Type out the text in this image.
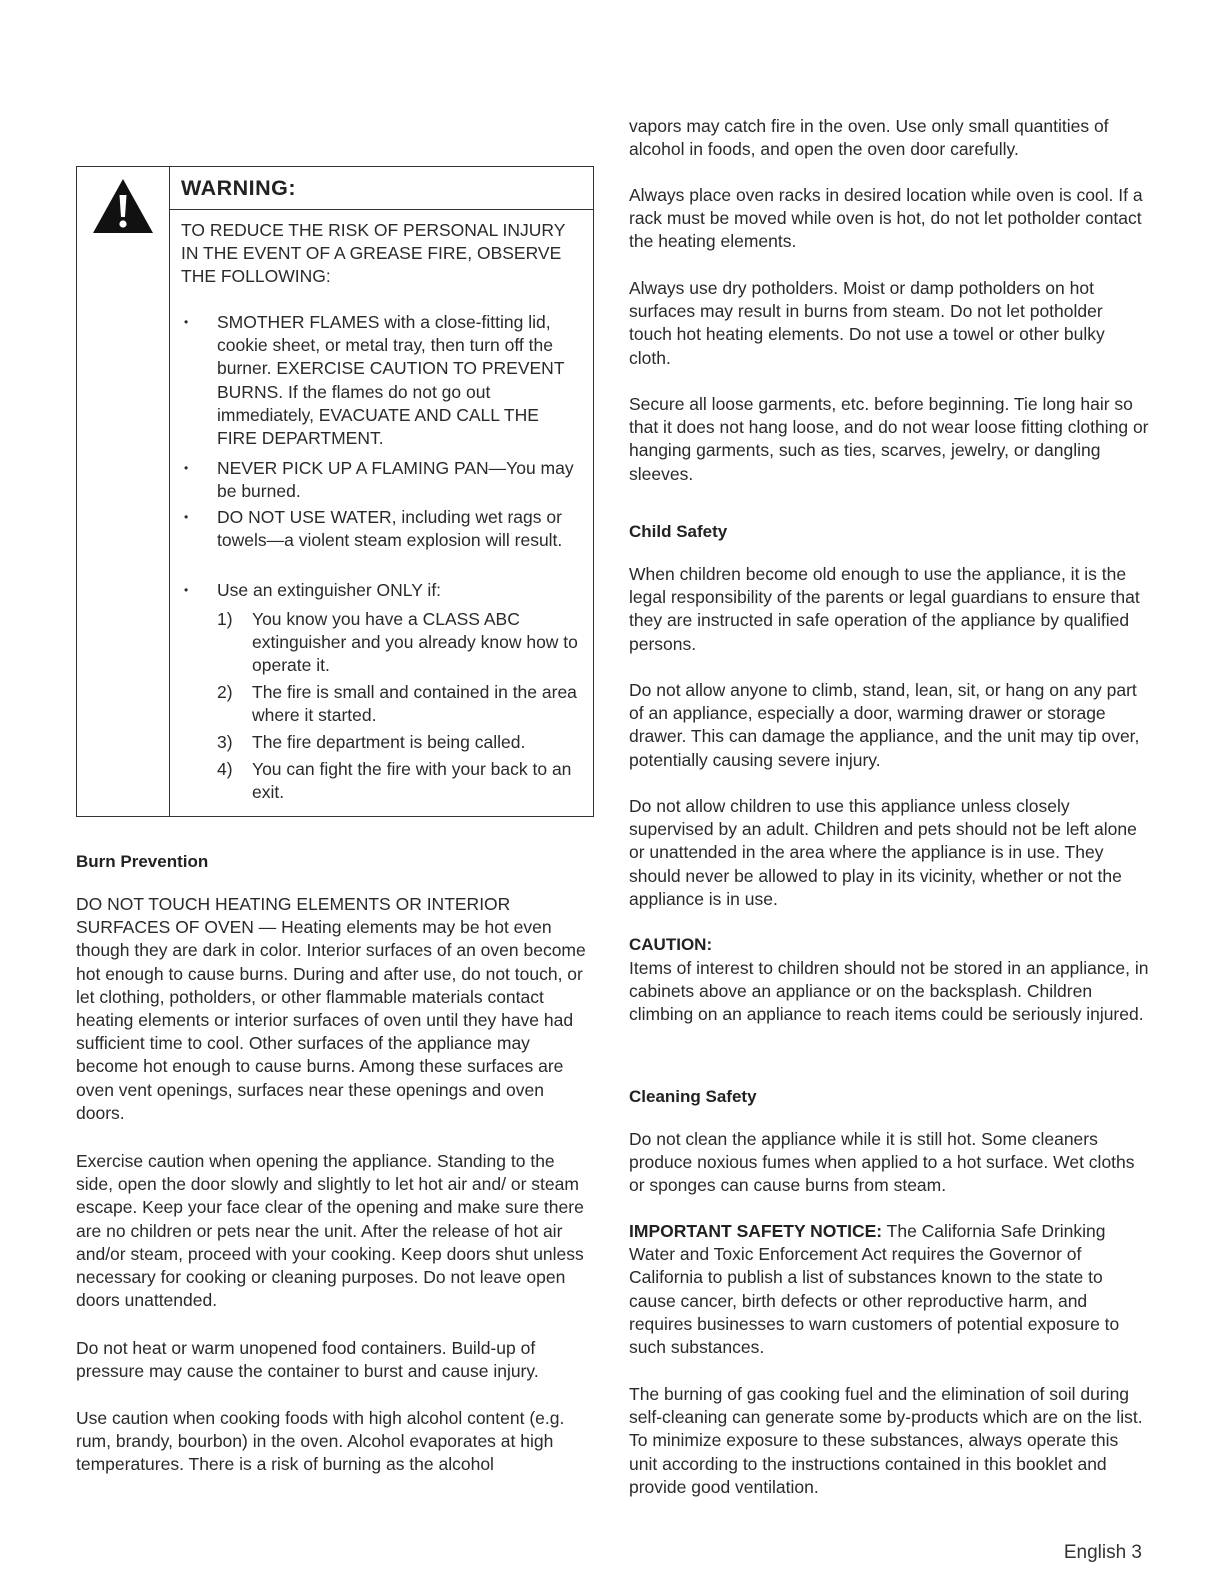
WARNING:
TO REDUCE THE RISK OF PERSONAL INJURY IN THE EVENT OF A GREASE FIRE, OBSERVE THE FOLLOWING:
• SMOTHER FLAMES with a close-fitting lid, cookie sheet, or metal tray, then turn off the burner. EXERCISE CAUTION TO PREVENT BURNS. If the flames do not go out immediately, EVACUATE AND CALL THE FIRE DEPARTMENT.
• NEVER PICK UP A FLAMING PAN—You may be burned.
• DO NOT USE WATER, including wet rags or towels—a violent steam explosion will result.
• Use an extinguisher ONLY if:
1) You know you have a CLASS ABC extinguisher and you already know how to operate it.
2) The fire is small and contained in the area where it started.
3) The fire department is being called.
4) You can fight the fire with your back to an exit.
Burn Prevention

DO NOT TOUCH HEATING ELEMENTS OR INTERIOR SURFACES OF OVEN — Heating elements may be hot even though they are dark in color. Interior surfaces of an oven become hot enough to cause burns. During and after use, do not touch, or let clothing, potholders, or other flammable materials contact heating elements or interior surfaces of oven until they have had sufficient time to cool. Other surfaces of the appliance may become hot enough to cause burns. Among these surfaces are oven vent openings, surfaces near these openings and oven doors.

Exercise caution when opening the appliance. Standing to the side, open the door slowly and slightly to let hot air and/ or steam escape. Keep your face clear of the opening and make sure there are no children or pets near the unit. After the release of hot air and/or steam, proceed with your cooking. Keep doors shut unless necessary for cooking or cleaning purposes. Do not leave open doors unattended.

Do not heat or warm unopened food containers. Build-up of pressure may cause the container to burst and cause injury.

Use caution when cooking foods with high alcohol content (e.g. rum, brandy, bourbon) in the oven. Alcohol evaporates at high temperatures. There is a risk of burning as the alcohol

vapors may catch fire in the oven. Use only small quantities of alcohol in foods, and open the oven door carefully.

Always place oven racks in desired location while oven is cool. If a rack must be moved while oven is hot, do not let potholder contact the heating elements.

Always use dry potholders. Moist or damp potholders on hot surfaces may result in burns from steam. Do not let potholder touch hot heating elements. Do not use a towel or other bulky cloth.

Secure all loose garments, etc. before beginning. Tie long hair so that it does not hang loose, and do not wear loose fitting clothing or hanging garments, such as ties, scarves, jewelry, or dangling sleeves.

Child Safety

When children become old enough to use the appliance, it is the legal responsibility of the parents or legal guardians to ensure that they are instructed in safe operation of the appliance by qualified persons.

Do not allow anyone to climb, stand, lean, sit, or hang on any part of an appliance, especially a door, warming drawer or storage drawer. This can damage the appliance, and the unit may tip over, potentially causing severe injury.

Do not allow children to use this appliance unless closely supervised by an adult. Children and pets should not be left alone or unattended in the area where the appliance is in use. They should never be allowed to play in its vicinity, whether or not the appliance is in use.

CAUTION:

Items of interest to children should not be stored in an appliance, in cabinets above an appliance or on the backsplash. Children climbing on an appliance to reach items could be seriously injured.

Cleaning Safety

Do not clean the appliance while it is still hot. Some cleaners produce noxious fumes when applied to a hot surface. Wet cloths or sponges can cause burns from steam.

IMPORTANT SAFETY NOTICE: The California Safe Drinking Water and Toxic Enforcement Act requires the Governor of California to publish a list of substances known to the state to cause cancer, birth defects or other reproductive harm, and requires businesses to warn customers of potential exposure to such substances.

The burning of gas cooking fuel and the elimination of soil during self-cleaning can generate some by-products which are on the list. To minimize exposure to these substances, always operate this unit according to the instructions contained in this booklet and provide good ventilation.

English 3
